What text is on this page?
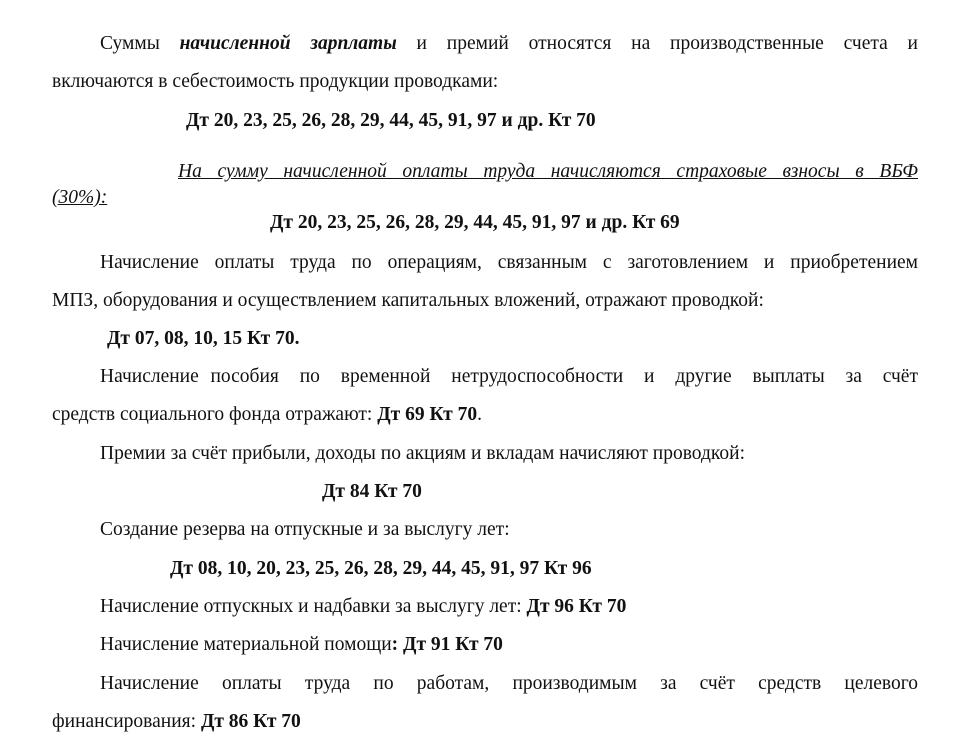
Суммы начисленной зарплаты и премий относятся на производственные счета и
включаются в себестоимость продукции проводками:
Дт 20, 23, 25, 26, 28, 29, 44, 45, 91, 97 и др. Кт 70
На сумму начисленной оплаты труда начисляются страховые взносы в ВБФ
(30%):
Дт 20, 23, 25, 26, 28, 29, 44, 45, 91, 97 и др. Кт 69
Начисление оплаты труда по операциям, связанным с заготовлением и приобретением
МПЗ, оборудования и осуществлением капитальных вложений, отражают проводкой:
Дт 07, 08, 10, 15 Кт 70.
Начисление пособия по временной нетрудоспособности и другие выплаты за счёт
средств социального фонда отражают: Дт 69 Кт 70.
Премии за счёт прибыли, доходы по акциям и вкладам начисляют проводкой:
Дт 84 Кт 70
Создание резерва на отпускные и за выслугу лет:
Дт 08, 10, 20, 23, 25, 26, 28, 29, 44, 45, 91, 97 Кт 96
Начисление отпускных и надбавки за выслугу лет: Дт 96 Кт 70
Начисление материальной помощи: Дт 91 Кт 70
Начисление оплаты труда по работам, производимым за счёт средств целевого
финансирования: Дт 86 Кт 70
